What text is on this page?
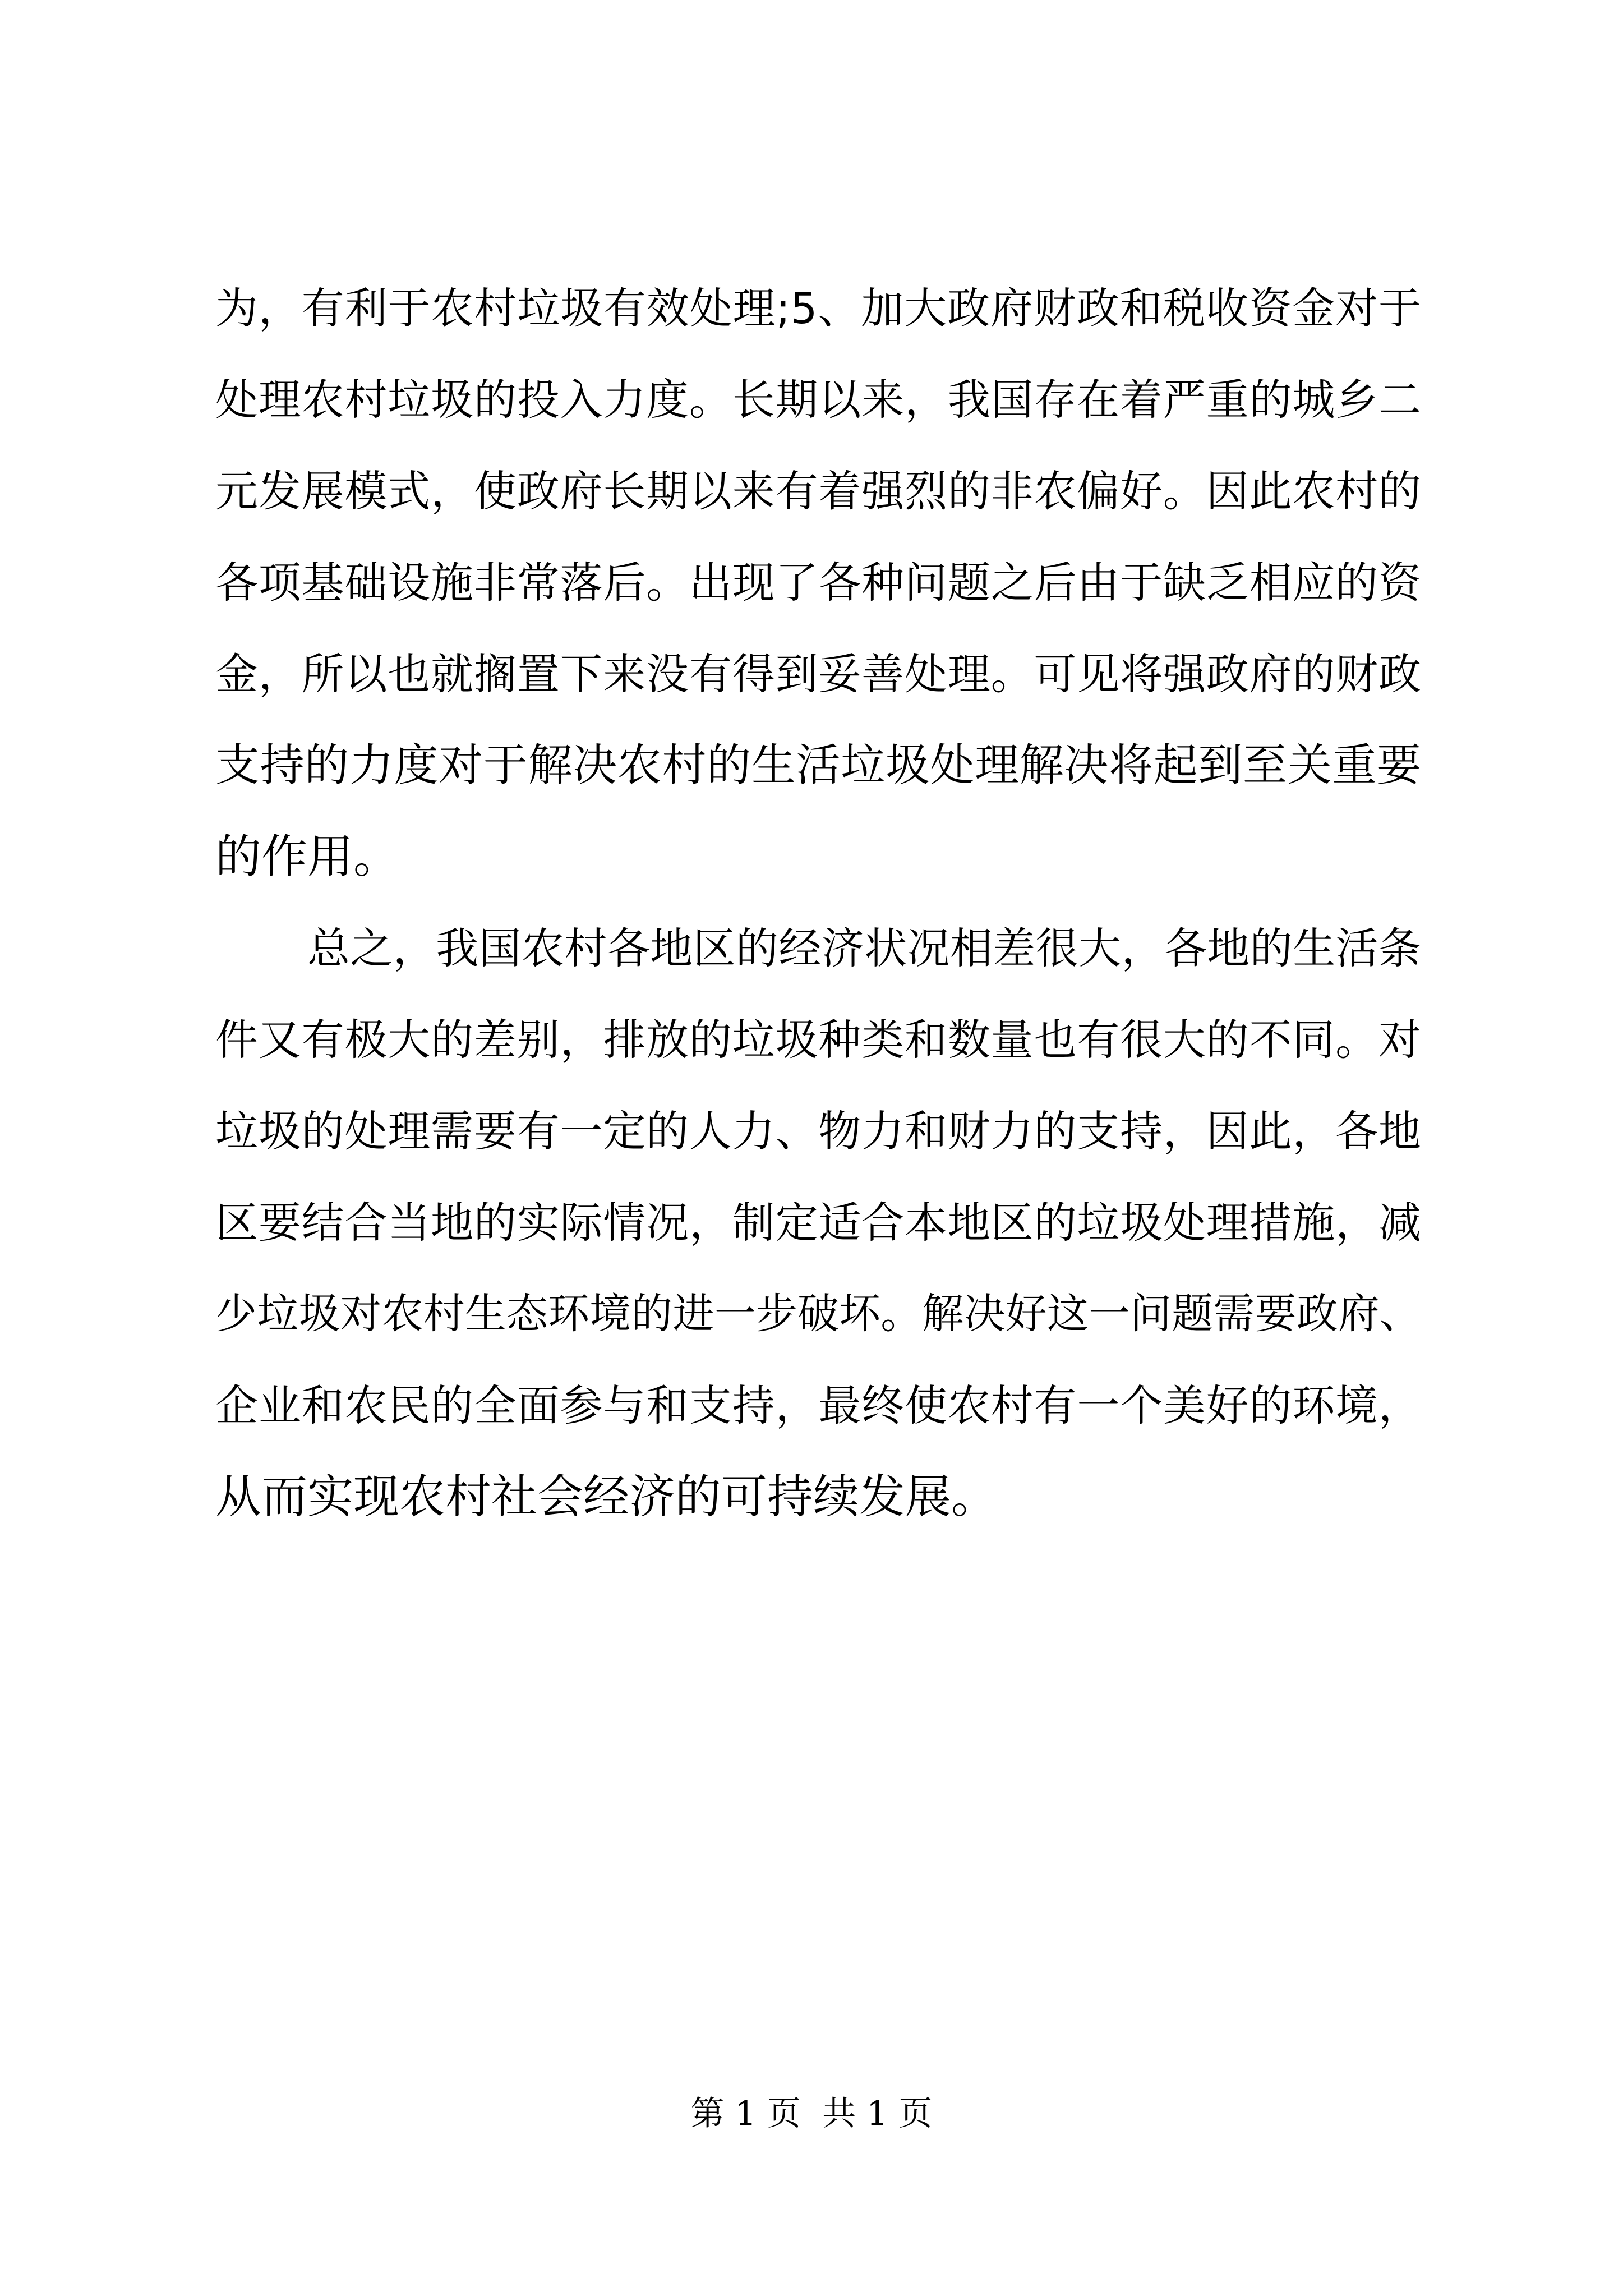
为，有利于农村垃圾有效处理;5、加大政府财政和税收资金对于
处理农村垃圾的投入力度。长期以来，我国存在着严重的城乡二
元发展模式，使政府长期以来有着强烈的非农偏好。因此农村的
各项基础设施非常落后。出现了各种问题之后由于缺乏相应的资
金，所以也就搁置下来没有得到妥善处理。可见将强政府的财政
支持的力度对于解决农村的生活垃圾处理解决将起到至关重要
的作用。
总之，我国农村各地区的经济状况相差很大，各地的生活条
件又有极大的差别，排放的垃圾种类和数量也有很大的不同。对
垃圾的处理需要有一定的人力、物力和财力的支持，因此，各地
区要结合当地的实际情况，制定适合本地区的垃圾处理措施，减
少垃圾对农村生态环境的进一步破坏。解决好这一问题需要政府、
企业和农民的全面参与和支持，最终使农村有一个美好的环境，
从而实现农村社会经济的可持续发展。
第 1 页  共 1 页
